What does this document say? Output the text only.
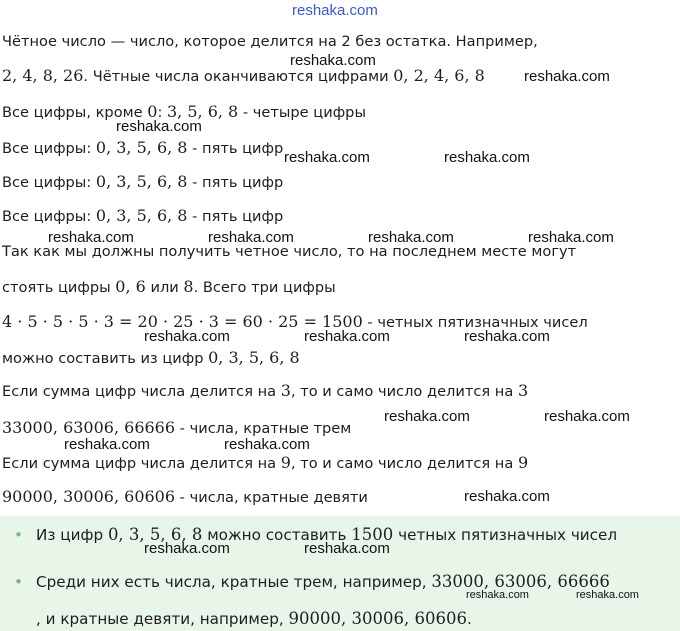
reshaka.com

Чётное число — число, которое делится на 2 без остатка. Например,

reshaka.com

2, 4, 8, 26. Чётные числа оканчиваются цифрами 0, 2, 4, 6, 8	reshaka.com

Все цифры, кроме 0: 3, 5, 6, 8 - четыре цифры

reshaka.com

Все цифры: 0, 3, 5, 6, 8 - пять цифр

reshaka.com	reshaka.com

Все цифры: 0, 3, 5, 6, 8 - пять цифр

Все цифры: 0, 3, 5, 6, 8 - пять цифр

reshaka.com	reshaka.com	reshaka.com	reshaka.com

Так как мы должны получить четное число, то на последнем месте могут

стоять цифры 0, 6 или 8. Всего три цифры

4 · 5 · 5 · 5 · 3 = 20 · 25 · 3 = 60 · 25 = 1500 - четных пятизначных чисел

reshaka.com	reshaka.com	reshaka.com

можно составить из цифр 0, 3, 5, 6, 8

Если сумма цифр числа делится на 3, то и само число делится на 3

reshaka.com	reshaka.com

33000, 63006, 66666 - числа, кратные трем

reshaka.com	reshaka.com

Если сумма цифр числа делится на 9, то и само число делится на 9

90000, 30006, 60606 - числа, кратные девяти	reshaka.com

• Из цифр 0, 3, 5, 6, 8 можно составить 1500 четных пятизначных чисел

reshaka.com	reshaka.com

• Среди них есть числа, кратные трем, например, 33000, 63006, 66666

reshaka.com	reshaka.com

, и кратные девяти, например, 90000, 30006, 60606.
